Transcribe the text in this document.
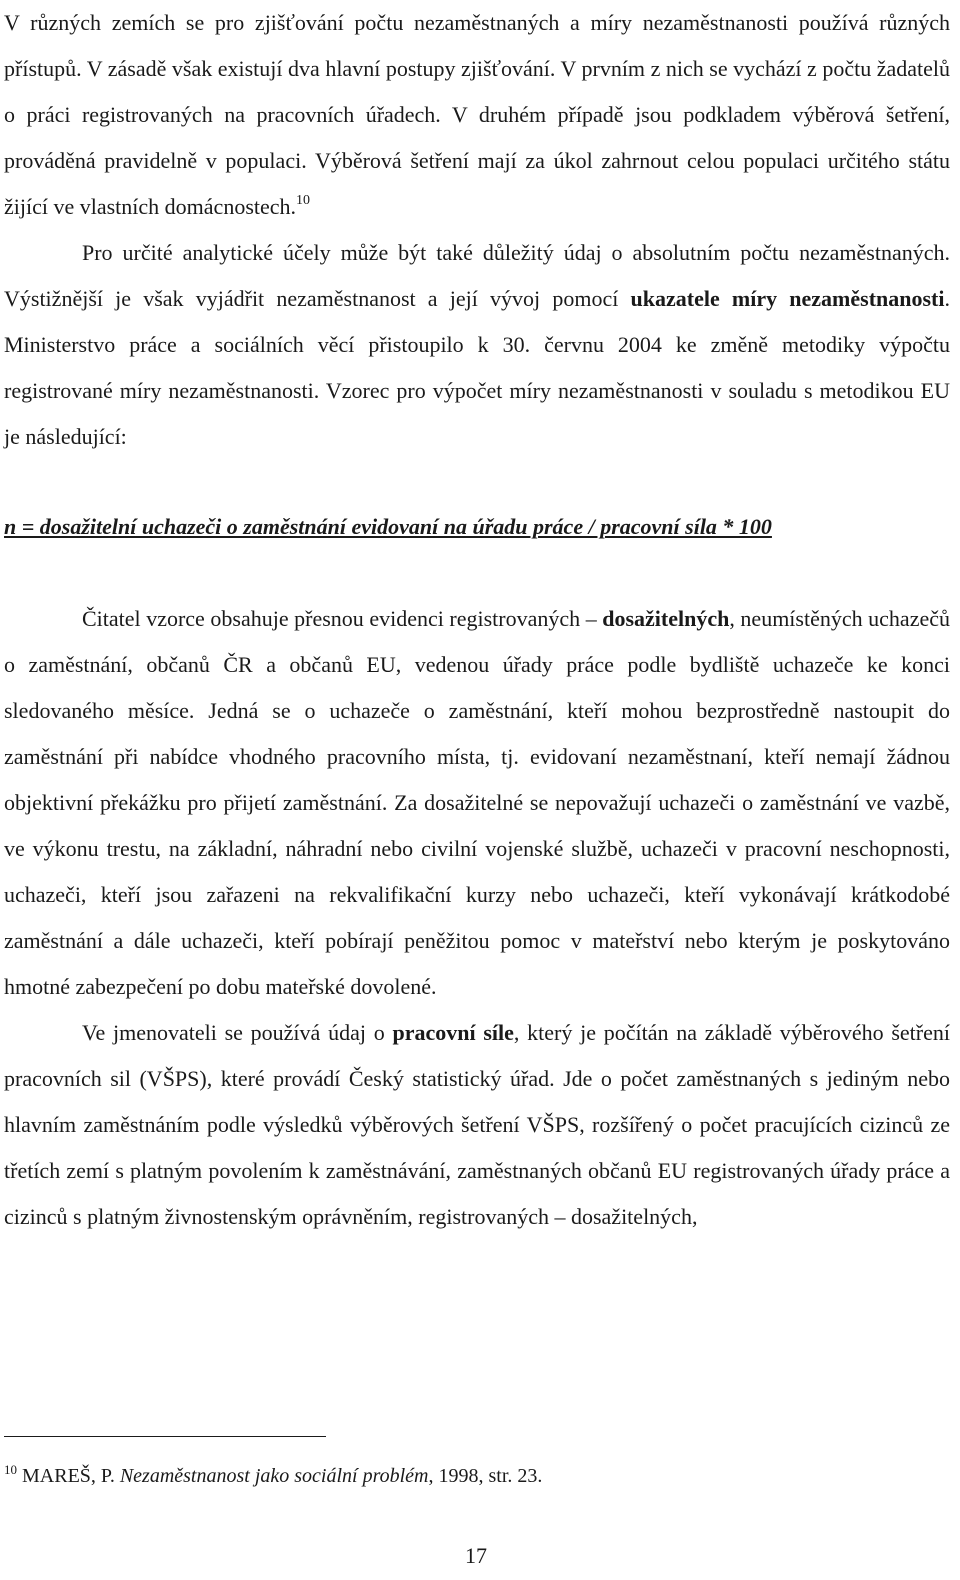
V různých zemích se pro zjišťování počtu nezaměstnaných a míry nezaměstnanosti používá různých přístupů. V zásadě však existují dva hlavní postupy zjišťování. V prvním z nich se vychází z počtu žadatelů o práci registrovaných na pracovních úřadech. V druhém případě jsou podkladem výběrová šetření, prováděná pravidelně v populaci. Výběrová šetření mají za úkol zahrnout celou populaci určitého státu žijící ve vlastních domácnostech.$^{10}$

Pro určité analytické účely může být také důležitý údaj o absolutním počtu nezaměstnaných. Výstižnější je však vyjádřit nezaměstnanost a její vývoj pomocí ukazatele míry nezaměstnanosti. Ministerstvo práce a sociálních věcí přistoupilo k 30. červnu 2004 ke změně metodiky výpočtu registrované míry nezaměstnanosti. Vzorec pro výpočet míry nezaměstnanosti v souladu s metodikou EU je následující:

n = dosažitelní uchazeči o zaměstnání evidovaní na úřadu práce / pracovní síla * 100

Čitatel vzorce obsahuje přesnou evidenci registrovaných – dosažitelných, neumístěných uchazečů o zaměstnání, občanů ČR a občanů EU, vedenou úřady práce podle bydliště uchazeče ke konci sledovaného měsíce. Jedná se o uchazeče o zaměstnání, kteří mohou bezprostředně nastoupit do zaměstnání při nabídce vhodného pracovního místa, tj. evidovaní nezaměstnaní, kteří nemají žádnou objektivní překážku pro přijetí zaměstnání. Za dosažitelné se nepovažují uchazeči o zaměstnání ve vazbě, ve výkonu trestu, na základní, náhradní nebo civilní vojenské službě, uchazeči v pracovní neschopnosti, uchazeči, kteří jsou zařazeni na rekvalifikační kurzy nebo uchazeči, kteří vykonávají krátkodobé zaměstnání a dále uchazeči, kteří pobírají peněžitou pomoc v mateřství nebo kterým je poskytováno hmotné zabezpečení po dobu mateřské dovolené.

Ve jmenovateli se používá údaj o pracovní síle, který je počítán na základě výběrového šetření pracovních sil (VŠPS), které provádí Český statistický úřad. Jde o počet zaměstnaných s jediným nebo hlavním zaměstnáním podle výsledků výběrových šetření VŠPS, rozšířený o počet pracujících cizinců ze třetích zemí s platným povolením k zaměstnávání, zaměstnaných občanů EU registrovaných úřady práce a cizinců s platným živnostenským oprávněním, registrovaných – dosažitelných,

$^{10}$ MAREŠ, P. Nezaměstnanost jako sociální problém, 1998, str. 23.
17
